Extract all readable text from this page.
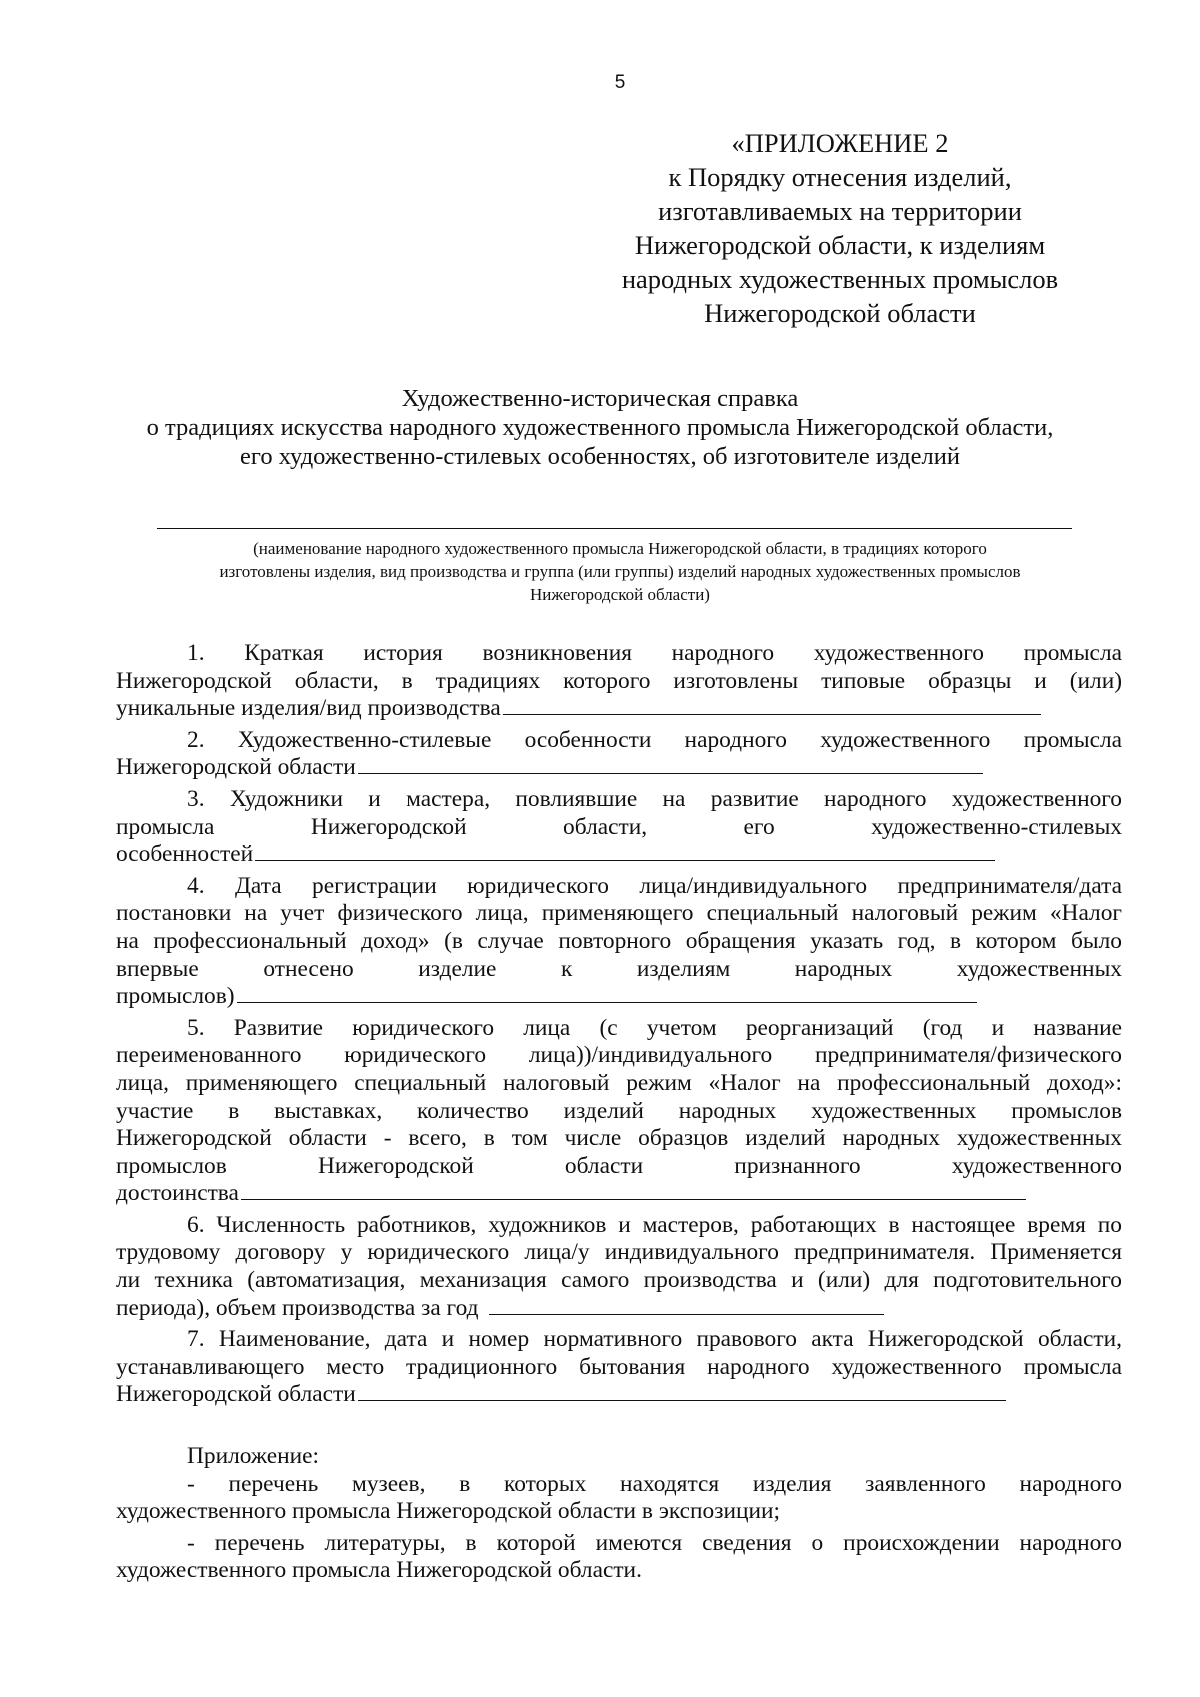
5
«ПРИЛОЖЕНИЕ 2
к Порядку отнесения изделий,
изготавливаемых на территории
Нижегородской области, к изделиям
народных художественных промыслов
Нижегородской области
Художественно-историческая справка
о традициях искусства народного художественного промысла Нижегородской области,
его художественно-стилевых особенностях, об изготовителе изделий
(наименование народного художественного промысла Нижегородской области, в традициях которого
изготовлены изделия, вид производства и группа (или группы) изделий народных художественных промыслов
Нижегородской области)
1. Краткая история возникновения народного художественного промысла
Нижегородской области, в традициях которого изготовлены типовые образцы и (или)
уникальные изделия/вид производства
2. Художественно-стилевые особенности народного художественного промысла
Нижегородской области
3. Художники и мастера, повлиявшие на развитие народного художественного
промысла Нижегородской области, его художественно-стилевых
особенностей
4. Дата регистрации юридического лица/индивидуального предпринимателя/дата
постановки на учет физического лица, применяющего специальный налоговый режим «Налог
на профессиональный доход» (в случае повторного обращения указать год, в котором было
впервые отнесено изделие к изделиям народных художественных
промыслов)
5. Развитие юридического лица (с учетом реорганизаций (год и название
переименованного юридического лица))/индивидуального предпринимателя/физического
лица, применяющего специальный налоговый режим «Налог на профессиональный доход»:
участие в выставках, количество изделий народных художественных промыслов
Нижегородской области - всего, в том числе образцов изделий народных художественных
промыслов Нижегородской области признанного художественного
достоинства
6. Численность работников, художников и мастеров, работающих в настоящее время по
трудовому договору у юридического лица/у индивидуального предпринимателя. Применяется
ли техника (автоматизация, механизация самого производства и (или) для подготовительного
периода), объем производства за год
7. Наименование, дата и номер нормативного правового акта Нижегородской области,
устанавливающего место традиционного бытования народного художественного промысла
Нижегородской области
Приложение:
- перечень музеев, в которых находятся изделия заявленного народного
художественного промысла Нижегородской области в экспозиции;
- перечень литературы, в которой имеются сведения о происхождении народного
художественного промысла Нижегородской области.
